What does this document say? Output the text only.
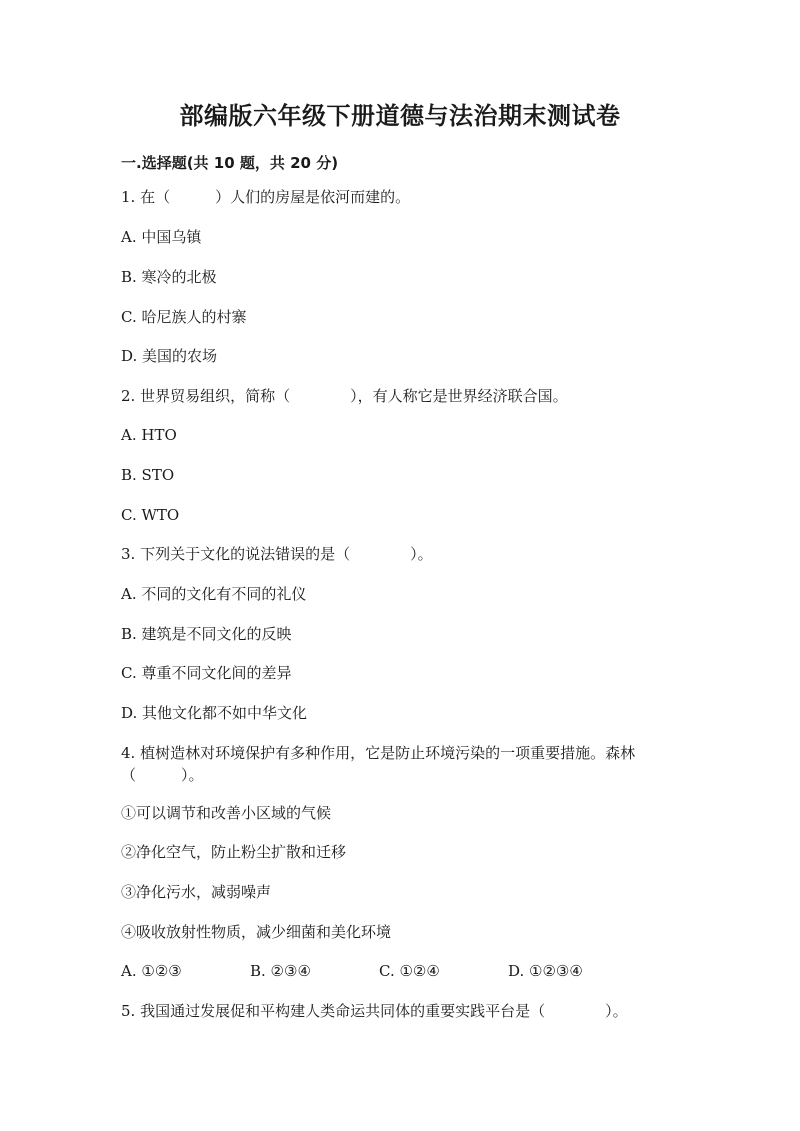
部编版六年级下册道德与法治期末测试卷
一.选择题(共 10 题，共 20 分)
1. 在（　　　）人们的房屋是依河而建的。
A. 中国乌镇
B. 寒冷的北极
C. 哈尼族人的村寨
D. 美国的农场
2. 世界贸易组织，简称（　　　　），有人称它是世界经济联合国。
A. HTO
B. STO
C. WTO
3. 下列关于文化的说法错误的是（　　　　）。
A. 不同的文化有不同的礼仪
B. 建筑是不同文化的反映
C. 尊重不同文化间的差异
D. 其他文化都不如中华文化
4. 植树造林对环境保护有多种作用，它是防止环境污染的一项重要措施。森林
（　　　）。
①可以调节和改善小区域的气候
②净化空气，防止粉尘扩散和迁移
③净化污水，减弱噪声
④吸收放射性物质，减少细菌和美化环境
A. ①②③	B. ②③④	C. ①②④	D. ①②③④
5. 我国通过发展促和平构建人类命运共同体的重要实践平台是（　　　　）。
